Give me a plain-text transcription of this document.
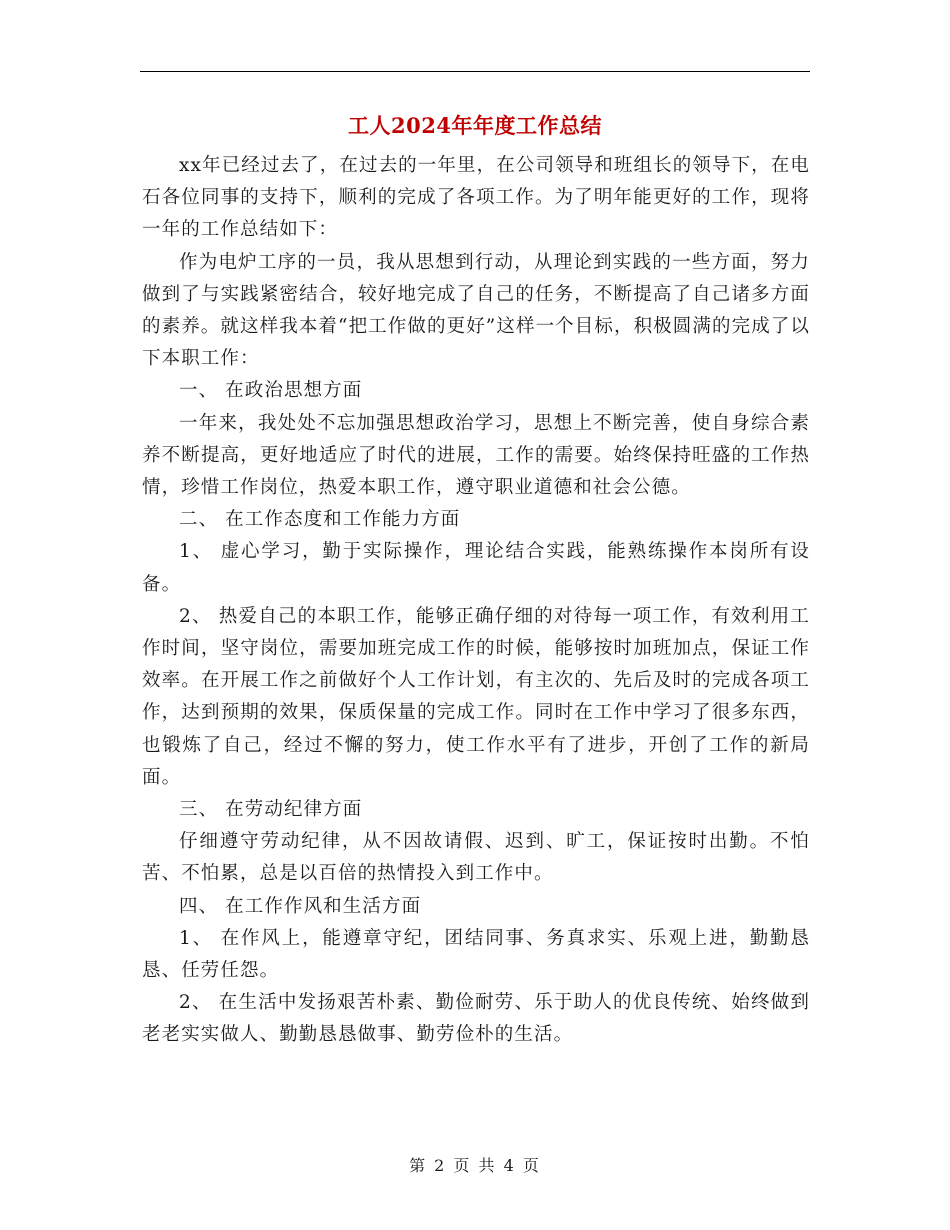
工人2024年年度工作总结

xx年已经过去了，在过去的一年里，在公司领导和班组长的领导下，在电石各位同事的支持下，顺利的完成了各项工作。为了明年能更好的工作，现将一年的工作总结如下：

作为电炉工序的一员，我从思想到行动，从理论到实践的一些方面，努力做到了与实践紧密结合，较好地完成了自己的任务，不断提高了自己诸多方面的素养。就这样我本着“把工作做的更好”这样一个目标，积极圆满的完成了以下本职工作：

一、 在政治思想方面

一年来，我处处不忘加强思想政治学习，思想上不断完善，使自身综合素养不断提高，更好地适应了时代的进展，工作的需要。始终保持旺盛的工作热情，珍惜工作岗位，热爱本职工作，遵守职业道德和社会公德。

二、 在工作态度和工作能力方面

1、 虚心学习，勤于实际操作，理论结合实践，能熟练操作本岗所有设备。

2、 热爱自己的本职工作，能够正确仔细的对待每一项工作，有效利用工作时间，坚守岗位，需要加班完成工作的时候，能够按时加班加点，保证工作效率。在开展工作之前做好个人工作计划，有主次的、先后及时的完成各项工作，达到预期的效果，保质保量的完成工作。同时在工作中学习了很多东西，也锻炼了自己，经过不懈的努力，使工作水平有了进步，开创了工作的新局面。

三、 在劳动纪律方面

仔细遵守劳动纪律，从不因故请假、迟到、旷工，保证按时出勤。不怕苦、不怕累，总是以百倍的热情投入到工作中。

四、 在工作作风和生活方面

1、 在作风上，能遵章守纪，团结同事、务真求实、乐观上进，勤勤恳恳、任劳任怨。

2、 在生活中发扬艰苦朴素、勤俭耐劳、乐于助人的优良传统、始终做到老老实实做人、勤勤恳恳做事、勤劳俭朴的生活。

第 2 页 共 4 页
